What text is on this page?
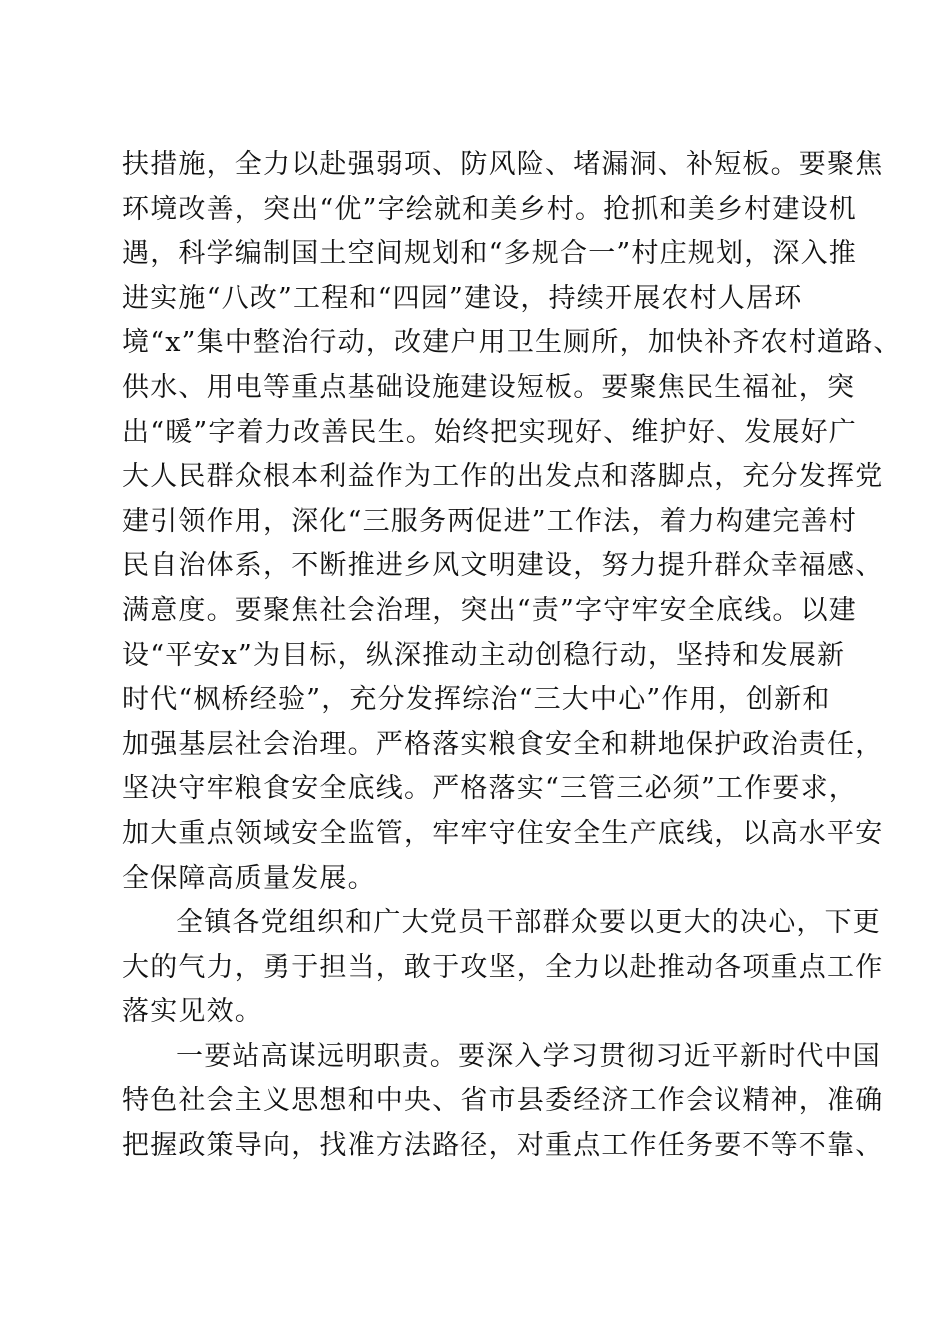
扶措施，全力以赴强弱项、防风险、堵漏洞、补短板。要聚焦
环境改善，突出“优”字绘就和美乡村。抢抓和美乡村建设机
遇，科学编制国土空间规划和“多规合一”村庄规划，深入推
进实施“八改”工程和“四园”建设，持续开展农村人居环
境“x”集中整治行动，改建户用卫生厕所，加快补齐农村道路、
供水、用电等重点基础设施建设短板。要聚焦民生福祉，突
出“暖”字着力改善民生。始终把实现好、维护好、发展好广
大人民群众根本利益作为工作的出发点和落脚点，充分发挥党
建引领作用，深化“三服务两促进”工作法，着力构建完善村
民自治体系，不断推进乡风文明建设，努力提升群众幸福感、
满意度。要聚焦社会治理，突出“责”字守牢安全底线。以建
设“平安x”为目标，纵深推动主动创稳行动，坚持和发展新
时代“枫桥经验”，充分发挥综治“三大中心”作用，创新和
加强基层社会治理。严格落实粮食安全和耕地保护政治责任，
坚决守牢粮食安全底线。严格落实“三管三必须”工作要求，
加大重点领域安全监管，牢牢守住安全生产底线，以高水平安
全保障高质量发展。
全镇各党组织和广大党员干部群众要以更大的决心，下更
大的气力，勇于担当，敢于攻坚，全力以赴推动各项重点工作
落实见效。
一要站高谋远明职责。要深入学习贯彻习近平新时代中国
特色社会主义思想和中央、省市县委经济工作会议精神，准确
把握政策导向，找准方法路径，对重点工作任务要不等不靠、
